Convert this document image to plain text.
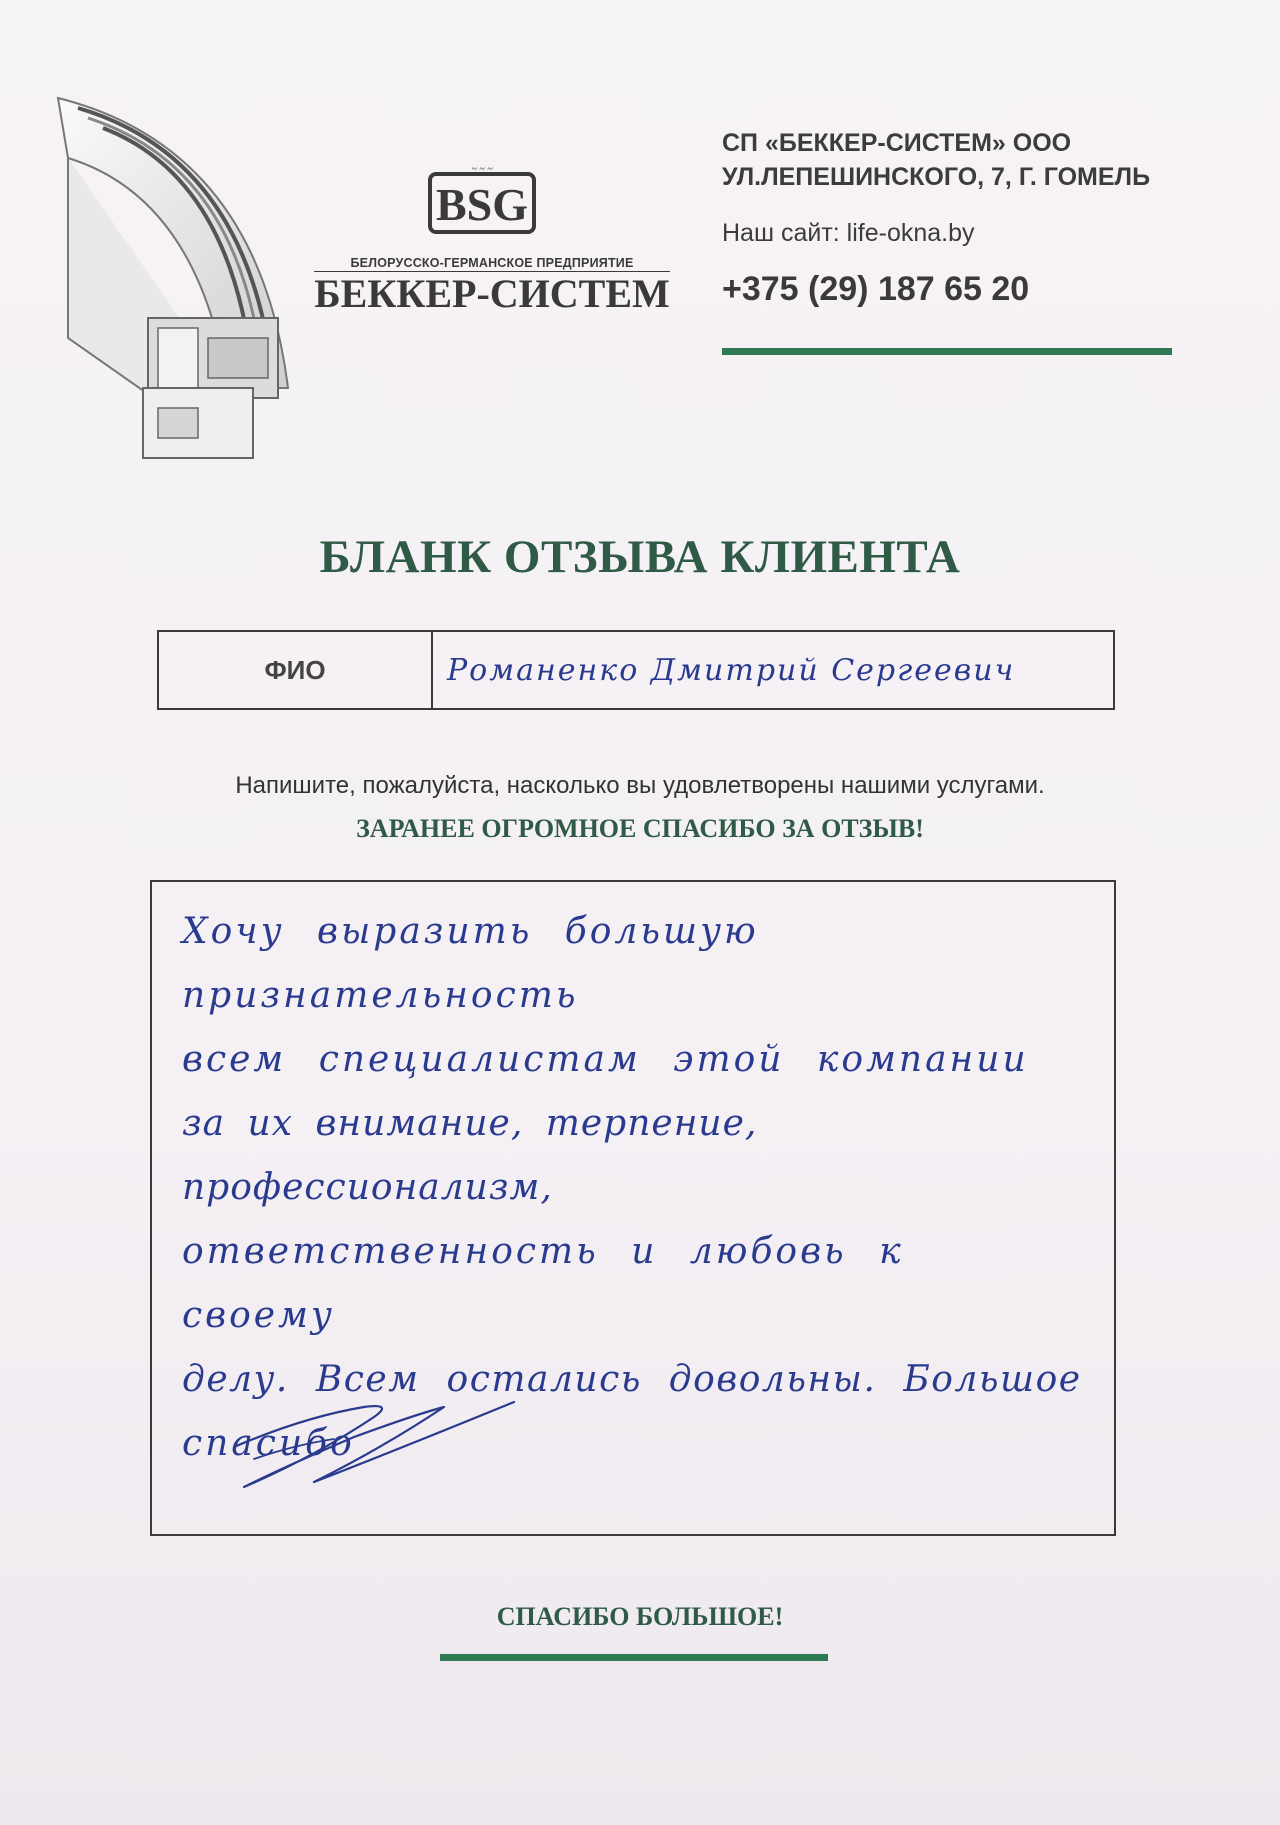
BSG
~ ~ ~
БЕЛОРУССКО-ГЕРМАНСКОЕ ПРЕДПРИЯТИЕ
БЕККЕР-СИСТЕМ
СП «БЕККЕР-СИСТЕМ» ООО
УЛ.ЛЕПЕШИНСКОГО, 7, Г. ГОМЕЛЬ
Наш сайт: life-okna.by
+375 (29) 187 65 20
БЛАНК ОТЗЫВА КЛИЕНТА
ФИО	Романенко Дмитрий Сергеевич
Напишите, пожалуйста, насколько вы удовлетворены нашими услугами.
ЗАРАНЕЕ ОГРОМНОЕ СПАСИБО ЗА ОТЗЫВ!
Хочу выразить большую признательность
всем специалистам этой компании
за их внимание, терпение, профессионализм,
ответственность и любовь к своему
делу. Всем остались довольны. Большое
спасибо
СПАСИБО БОЛЬШОЕ!
